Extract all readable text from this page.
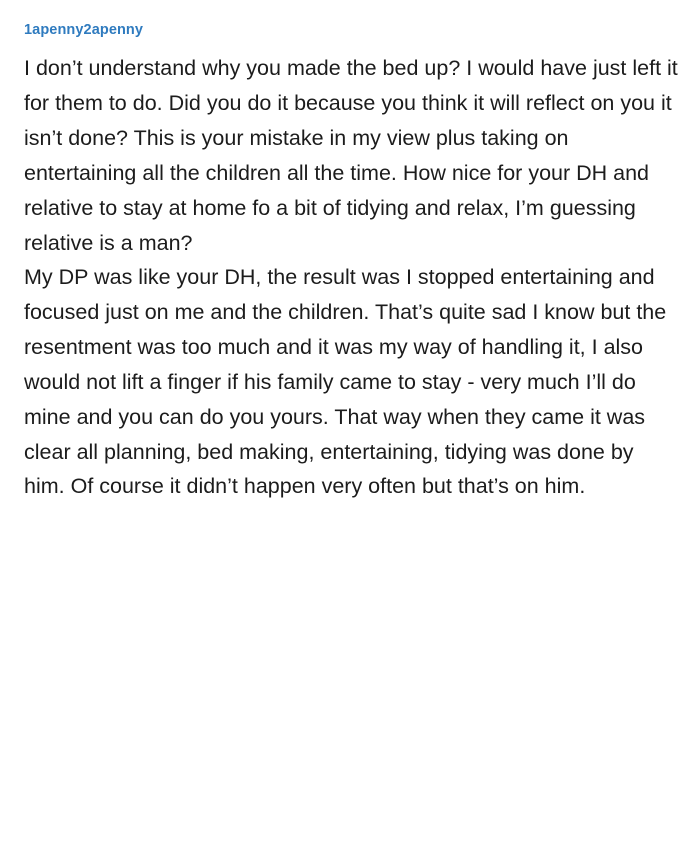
1apenny2apenny

I don’t understand why you made the bed up? I would have just left it for them to do. Did you do it because you think it will reflect on you it isn’t done? This is your mistake in my view plus taking on entertaining all the children all the time. How nice for your DH and relative to stay at home fo a bit of tidying and relax, I’m guessing relative is a man?

My DP was like your DH, the result was I stopped entertaining and focused just on me and the children. That’s quite sad I know but the resentment was too much and it was my way of handling it, I also would not lift a finger if his family came to stay - very much I’ll do mine and you can do you yours. That way when they came it was clear all planning, bed making, entertaining, tidying was done by him. Of course it didn’t happen very often but that’s on him.
